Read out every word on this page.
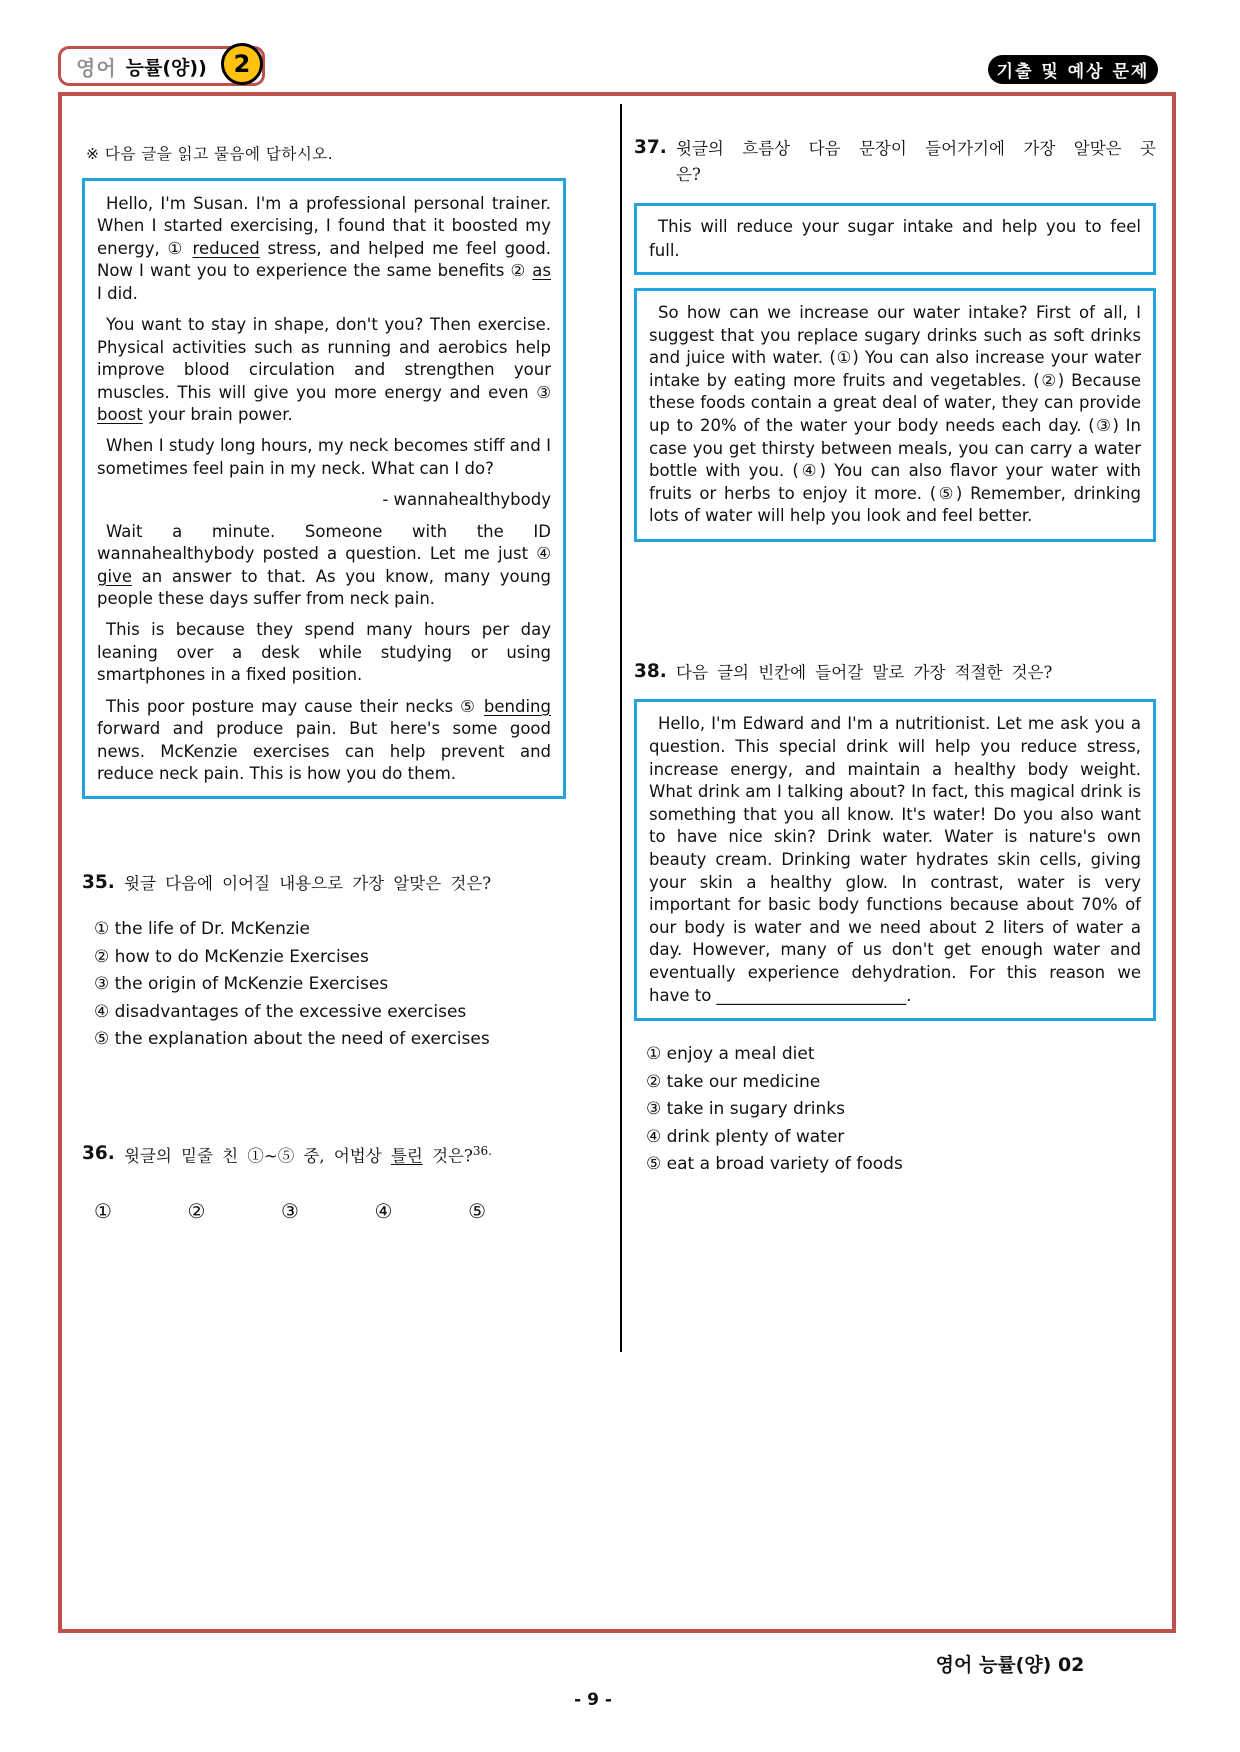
영어 능률(양))	2	기출 및 예상 문제
※ 다음 글을 읽고 물음에 답하시오.

Hello, I'm Susan. I'm a professional personal trainer. When I started exercising, I found that it boosted my energy, ① reduced stress, and helped me feel good. Now I want you to experience the same benefits ② as I did.

You want to stay in shape, don't you? Then exercise. Physical activities such as running and aerobics help improve blood circulation and strengthen your muscles. This will give you more energy and even ③ boost your brain power.

When I study long hours, my neck becomes stiff and I sometimes feel pain in my neck. What can I do?

- wannahealthybody

Wait a minute. Someone with the ID wannahealthybody posted a question. Let me just ④ give an answer to that. As you know, many young people these days suffer from neck pain.

This is because they spend many hours per day leaning over a desk while studying or using smartphones in a fixed position.

This poor posture may cause their necks ⑤ bending forward and produce pain. But here's some good news. McKenzie exercises can help prevent and reduce neck pain. This is how you do them.

35. 윗글 다음에 이어질 내용으로 가장 알맞은 것은?
① the life of Dr. McKenzie
② how to do McKenzie Exercises
③ the origin of McKenzie Exercises
④ disadvantages of the excessive exercises
⑤ the explanation about the need of exercises
36. 윗글의 밑줄 친 ①~⑤ 중, 어법상 틀린 것은?$^{36.}$
①	②	③	④	⑤
37. 윗글의 흐름상 다음 문장이 들어가기에 가장 알맞은 곳은?
This will reduce your sugar intake and help you to feel full.
So how can we increase our water intake? First of all, I suggest that you replace sugary drinks such as soft drinks and juice with water. (①) You can also increase your water intake by eating more fruits and vegetables. (②) Because these foods contain a great deal of water, they can provide up to 20% of the water your body needs each day. (③) In case you get thirsty between meals, you can carry a water bottle with you. (④) You can also flavor your water with fruits or herbs to enjoy it more. (⑤) Remember, drinking lots of water will help you look and feel better.
38. 다음 글의 빈칸에 들어갈 말로 가장 적절한 것은?
Hello, I'm Edward and I'm a nutritionist. Let me ask you a question. This special drink will help you reduce stress, increase energy, and maintain a healthy body weight. What drink am I talking about? In fact, this magical drink is something that you all know. It's water! Do you also want to have nice skin? Drink water. Water is nature's own beauty cream. Drinking water hydrates skin cells, giving your skin a healthy glow. In contrast, water is very important for basic body functions because about 70% of our body is water and we need about 2 liters of water a day. However, many of us don't get enough water and eventually experience dehydration. For this reason we have to _______________________.
① enjoy a meal diet
② take our medicine
③ take in sugary drinks
④ drink plenty of water
⑤ eat a broad variety of foods
영어 능률(양) 02
- 9 -
